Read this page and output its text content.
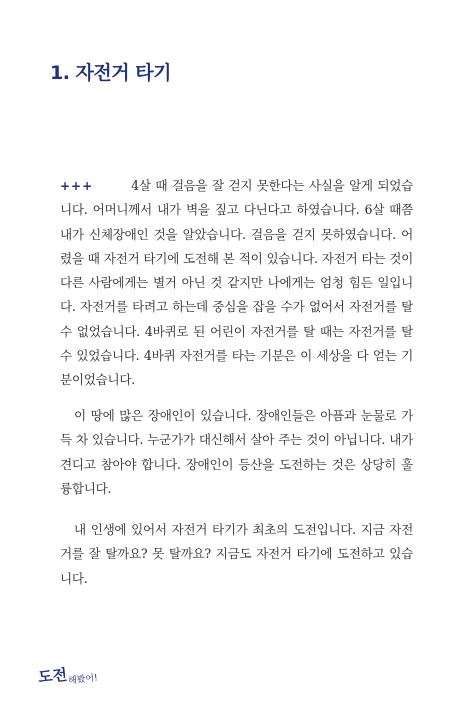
1. 자전거 타기

+++	4살 때 걸음을 잘 걷지 못한다는 사실을 알게 되었습니다. 어머니께서 내가 벽을 짚고 다닌다고 하였습니다. 6살 때쯤 내가 신체장애인 것을 알았습니다. 걸음을 걷지 못하였습니다. 어렸을 때 자전거 타기에 도전해 본 적이 있습니다. 자전거 타는 것이 다른 사람에게는 별거 아닌 것 같지만 나에게는 엄청 힘든 일입니다. 자전거를 타려고 하는데 중심을 잡을 수가 없어서 자전거를 탈 수 없었습니다. 4바퀴로 된 어린이 자전거를 탈 때는 자전거를 탈 수 있었습니다. 4바퀴 자전거를 타는 기분은 이 세상을 다 얻는 기분이었습니다.

이 땅에 많은 장애인이 있습니다. 장애인들은 아픔과 눈물로 가득 차 있습니다. 누군가가 대신해서 살아 주는 것이 아닙니다. 내가 견디고 참아야 합니다. 장애인이 등산을 도전하는 것은 상당히 훌륭합니다.

내 인생에 있어서 자전거 타기가 최초의 도전입니다. 지금 자전거를 잘 탈까요? 못 탈까요? 지금도 자전거 타기에 도전하고 있습니다.

도전 해봤어!
